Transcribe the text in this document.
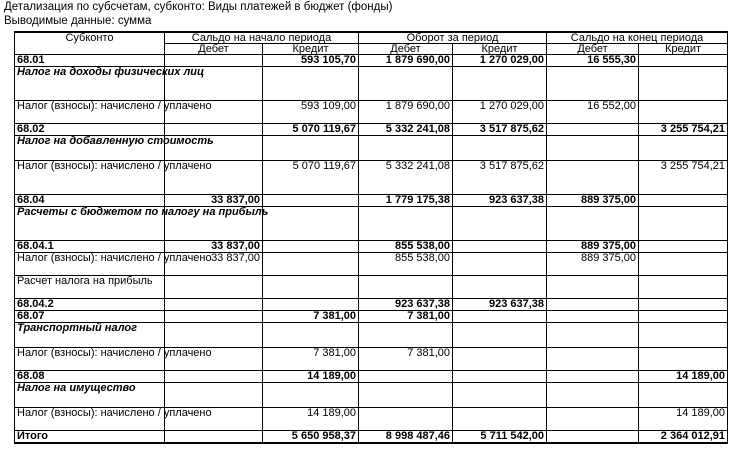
Детализация по субсчетам, субконто: Виды платежей в бюджет (фонды)
Выводимые данные: сумма
Субконто	Сальдо на начало периода		Оборот за период		Сальдо на конец периода	
	Дебет	Кредит	Дебет	Кредит	Дебет	Кредит
68.01		593 105,70	1 879 690,00	1 270 029,00	16 555,30	
Налог на доходы физических лиц						
Налог (взносы): начислено / уплачено		593 109,00	1 879 690,00	1 270 029,00	16 552,00	
68.02		5 070 119,67	5 332 241,08	3 517 875,62		3 255 754,21
Налог на добавленную стоимость						
Налог (взносы): начислено / уплачено		5 070 119,67	5 332 241,08	3 517 875,62		3 255 754,21
68.04	33 837,00		1 779 175,38	923 637,38	889 375,00	
Расчеты с бюджетом по налогу на прибыль						
68.04.1	33 837,00		855 538,00		889 375,00	
Налог (взносы): начислено / уплачено	33 837,00		855 538,00		889 375,00	
Расчет налога на прибыль						
68.04.2			923 637,38	923 637,38		
68.07		7 381,00	7 381,00			
Транспортный налог						
Налог (взносы): начислено / уплачено		7 381,00	7 381,00			
68.08		14 189,00				14 189,00
Налог на имущество						
Налог (взносы): начислено / уплачено		14 189,00				14 189,00
Итого		5 650 958,37	8 998 487,46	5 711 542,00		2 364 012,91
